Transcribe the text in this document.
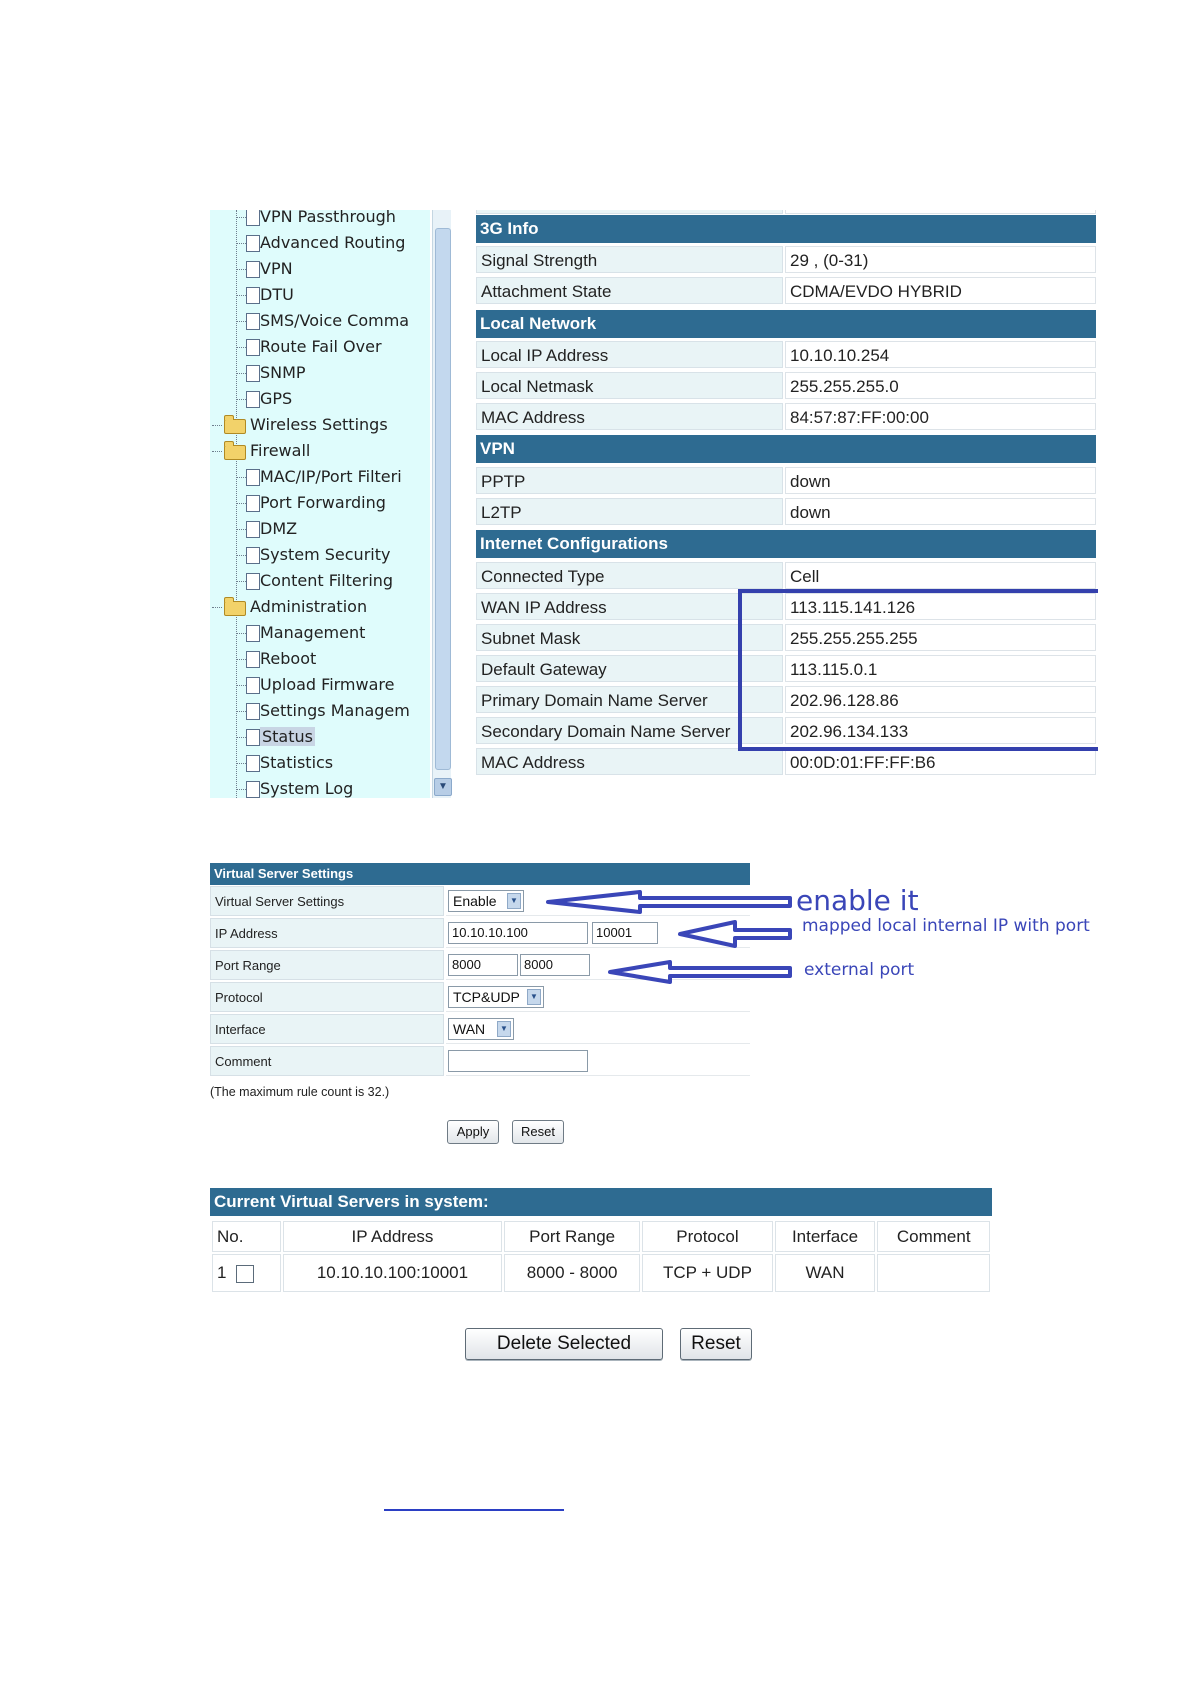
VPN Passthrough
Advanced Routing
VPN
DTU
SMS/Voice Comma
Route Fail Over
SNMP
GPS
Wireless Settings
Firewall
MAC/IP/Port Filteri
Port Forwarding
DMZ
System Security
Content Filtering
Administration
Management
Reboot
Upload Firmware
Settings Managem
Status
Statistics
System Log	▼
3G Info
Signal Strength	29 , (0-31)
Attachment State	CDMA/EVDO HYBRID
Local Network
Local IP Address	10.10.10.254
Local Netmask	255.255.255.0
MAC Address	84:57:87:FF:00:00
VPN
PPTP	down
L2TP	down
Internet Configurations
Connected Type	Cell
WAN IP Address	113.115.141.126
Subnet Mask	255.255.255.255
Default Gateway	113.115.0.1
Primary Domain Name Server	202.96.128.86
Secondary Domain Name Server	202.96.134.133
MAC Address	00:0D:01:FF:FF:B6
Virtual Server Settings
Virtual Server Settings	Enable	▼
IP Address	10.10.10.100	10001
Port Range	8000	8000
Protocol	TCP&UDP	▼
Interface	WAN	▼
Comment
(The maximum rule count is 32.)
Apply	Reset
enable it
mapped local internal IP with port
external port
Current Virtual Servers in system:
No.	IP Address	Port Range	Protocol	Interface	Comment
1	10.10.10.100:10001	8000 - 8000	TCP + UDP	WAN	
Delete Selected	Reset
